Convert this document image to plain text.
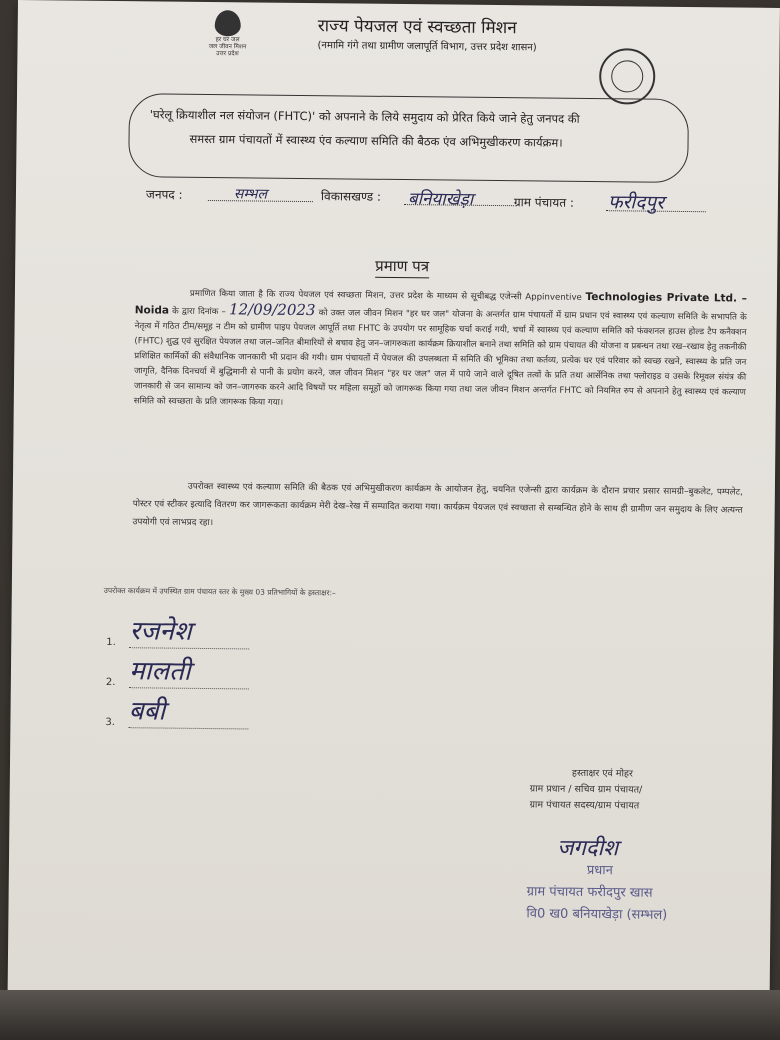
हर घर जल
जल जीवन मिशन
उत्तर प्रदेश
राज्य पेयजल एवं स्वच्छता मिशन
(नमामि गंगे तथा ग्रामीण जलापूर्ति विभाग, उत्तर प्रदेश शासन)
'घरेलू क्रियाशील नल संयोजन (FHTC)' को अपनाने के लिये समुदाय को प्रेरित किये जाने हेतु जनपद की
समस्त ग्राम पंचायतों में स्वास्थ्य एंव कल्याण समिति की बैठक एंव अभिमुखीकरण कार्यक्रम।
जनपद :	सम्भल	विकासखण्ड : बनियाखेड़ा	ग्राम पंचायत : फरीदपुर
प्रमाण पत्र
प्रमाणित किया जाता है कि राज्य पेयजल एवं स्वच्छता मिशन, उत्तर प्रदेश के माध्यम से सूचीबद्ध एजेन्सी Appinventive Technologies Private Ltd. – Noida के द्वारा दिनांक – 12/09/2023 को उक्त जल जीवन मिशन "हर घर जल" योजना के अन्तर्गत ग्राम पंचायतों में ग्राम प्रधान एवं स्वास्थ्य एवं कल्याण समिति के सभापति के नेतृत्व में गठित टीम/समूह न टीम को ग्रामीण पाइप पेयजल आपूर्ति तथा FHTC के उपयोग पर सामूहिक चर्चा कराई गयी, चर्चा में स्वास्थ्य एवं कल्याण समिति को फंक्शनल हाउस होल्ड टैप कनैक्शन (FHTC) शुद्ध एवं सुरक्षित पेयजल तथा जल–जनित बीमारियों से बचाव हेतु जन–जागरुकता कार्यक्रम क्रियाशील बनाने तथा समिति को ग्राम पंचायत की योजना व प्रबन्धन तथा रख–रखाव हेतु तकनीकी प्रशिक्षित कार्मिकों की संवैधानिक जानकारी भी प्रदान की गयी। ग्राम पंचायतों में पेयजल की उपलब्धता में समिति की भूमिका तथा कर्तव्य, प्रत्येक घर एवं परिवार को स्वच्छ रखने, स्वास्थ्य के प्रति जन जागृति, दैनिक दिनचर्या में बुद्धिमानी से पानी के प्रयोग करने, जल जीवन मिशन "हर घर जल" जल में पाये जाने वाले दूषित तत्वों के प्रति तथा आर्सेनिक तथा फ्लोराइड व उसके रिमूवल संयंत्र की जानकारी से जन सामान्य को जन–जागरुक करने आदि विषयों पर महिला समूहों को जागरूक किया गया तथा जल जीवन मिशन अन्तर्गत FHTC को नियमित रुप से अपनाने हेतु स्वास्थ्य एवं कल्याण समिति को स्वच्छता के प्रति जागरूक किया गया।
उपरोक्त स्वास्थ्य एवं कल्याण समिति की बैठक एवं अभिमुखीकरण कार्यक्रम के आयोजन हेतु, चयनित एजेन्सी द्वारा कार्यक्रम के दौरान प्रचार प्रसार सामग्री–बुकलेट, पम्पलेट, पोस्टर एवं स्टीकर इत्यादि वितरण कर जागरूकता कार्यक्रम मेरी देख–रेख में सम्पादित कराया गया। कार्यक्रम पेयजल एवं स्वच्छता से सम्बन्धित होने के साथ ही ग्रामीण जन समुदाय के लिए अत्यन्त उपयोगी एवं लाभप्रद रहा।
उपरोक्त कार्यक्रम में उपस्थित ग्राम पंचायत स्तर के मुख्य 03 प्रतिभागियों के हस्ताक्षर:–
1. रजनेश
2. मालती
3. बबी
हस्ताक्षर एवं मोहर
ग्राम प्रधान / सचिव ग्राम पंचायत/
ग्राम पंचायत सदस्य/ग्राम पंचायत
जगदीश
प्रधान
ग्राम पंचायत फरीदपुर खास
वि0 ख0 बनियाखेड़ा (सम्भल)
